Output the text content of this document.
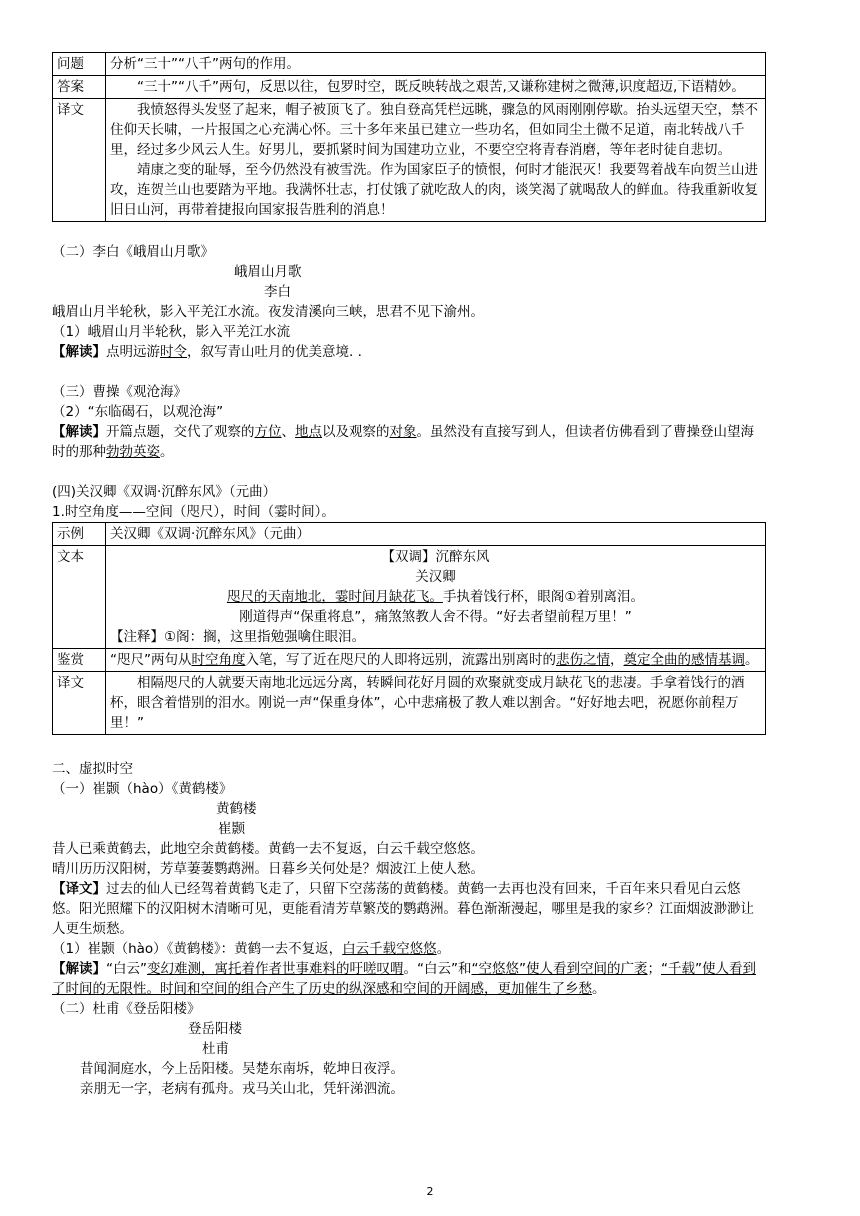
问题	分析“三十”“八千”两句的作用。
答案	“三十”“八千”两句，反思以往，包罗时空，既反映转战之艰苦,又谦称建树之微薄,识度超迈,下语精妙。
译文	我愤怒得头发竖了起来，帽子被顶飞了。独自登高凭栏远眺，骤急的风雨刚刚停歇。抬头远望天空，禁不住仰天长啸，一片报国之心充满心怀。三十多年来虽已建立一些功名，但如同尘土微不足道，南北转战八千里，经过多少风云人生。好男儿，要抓紧时间为国建功立业，不要空空将青春消磨，等年老时徒自悲切。

靖康之变的耻辱，至今仍然没有被雪洗。作为国家臣子的愤恨，何时才能泯灭！我要驾着战车向贺兰山进攻，连贺兰山也要踏为平地。我满怀壮志，打仗饿了就吃敌人的肉，谈笑渴了就喝敌人的鲜血。待我重新收复旧日山河，再带着捷报向国家报告胜利的消息！

（二）李白《峨眉山月歌》

峨眉山月歌

李白

峨眉山月半轮秋，影入平羌江水流。夜发清溪向三峡，思君不见下渝州。

（1）峨眉山月半轮秋，影入平羌江水流

【解读】点明远游时令，叙写青山吐月的优美意境. .

（三）曹操《观沧海》

（2）“东临碣石，以观沧海”

【解读】开篇点题，交代了观察的方位、地点以及观察的对象。虽然没有直接写到人，但读者仿佛看到了曹操登山望海时的那种勃勃英姿。

(四)关汉卿《双调·沉醉东风》（元曲）

1.时空角度——空间（咫尺），时间（霎时间）。

示例	关汉卿《双调·沉醉东风》（元曲）
文本	【双调】沉醉东风

关汉卿

咫尺的天南地北，霎时间月缺花飞。手执着饯行杯，眼阁①着别离泪。

刚道得声“保重将息”，痛煞煞教人舍不得。“好去者望前程万里！”

【注释】①阁：搁，这里指勉强噙住眼泪。

鉴赏	“咫尺”两句从时空角度入笔，写了近在咫尺的人即将远别，流露出别离时的悲伤之情，奠定全曲的感情基调。
译文	相隔咫尺的人就要天南地北远远分离，转瞬间花好月圆的欢聚就变成月缺花飞的悲凄。手拿着饯行的酒杯，眼含着惜别的泪水。刚说一声“保重身体”，心中悲痛极了教人难以割舍。“好好地去吧，祝愿你前程万里！”

二、虚拟时空

（一）崔颢（hào）《黄鹤楼》

黄鹤楼

崔颢

昔人已乘黄鹤去，此地空余黄鹤楼。黄鹤一去不复返，白云千载空悠悠。

晴川历历汉阳树，芳草萋萋鹦鹉洲。日暮乡关何处是？烟波江上使人愁。

【译文】过去的仙人已经驾着黄鹤飞走了，只留下空荡荡的黄鹤楼。黄鹤一去再也没有回来，千百年来只看见白云悠悠。阳光照耀下的汉阳树木清晰可见，更能看清芳草繁茂的鹦鹉洲。暮色渐渐漫起，哪里是我的家乡？江面烟波渺渺让人更生烦愁。

（1）崔颢（hào）《黄鹤楼》：黄鹤一去不复返，白云千载空悠悠。

【解读】“白云”变幻难测，寓托着作者世事难料的吁嗟叹喟。“白云”和“空悠悠”使人看到空间的广袤；“千载”使人看到了时间的无限性。时间和空间的组合产生了历史的纵深感和空间的开阔感，更加催生了乡愁。

（二）杜甫《登岳阳楼》

登岳阳楼

杜甫

昔闻洞庭水，今上岳阳楼。吴楚东南坼，乾坤日夜浮。

亲朋无一字，老病有孤舟。戎马关山北，凭轩涕泗流。

2
